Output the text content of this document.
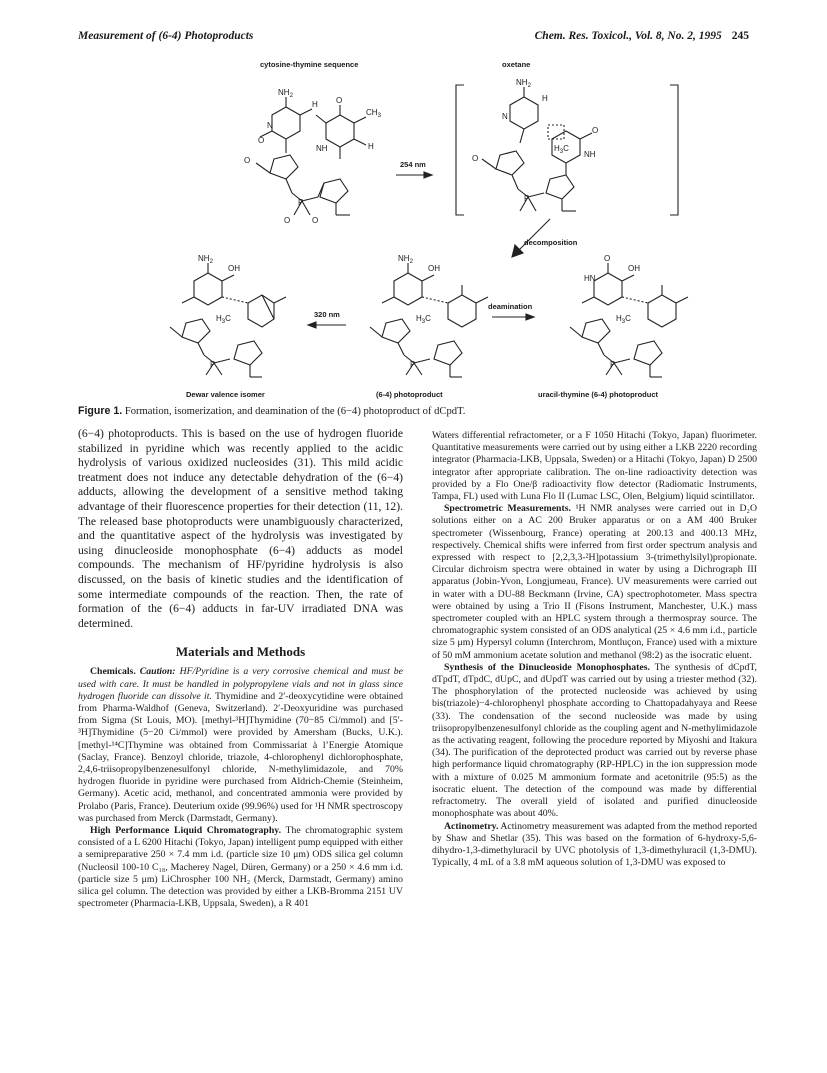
Measurement of (6-4) Photoproducts	Chem. Res. Toxicol., Vol. 8, No. 2, 1995 245
$NH_2$
O
N
H O
$CH_3$
H
NH
O
P
O	O
$NH_2$
H
N
$H_3C$
NH
O
O
P
$NH_2$
OH
$H_3C$
P
$NH_2$
OH
$H_3C$
P
O
HN
OH
$H_3C$
P
cytosine-thymine sequence	oxetane
254 nm
decomposition
320 nm
deamination
Dewar valence isomer	(6-4) photoproduct	uracil-thymine (6-4) photoproduct
Figure 1. Formation, isomerization, and deamination of the (6−4) photoproduct of dCpdT.

(6−4) photoproducts. This is based on the use of hydrogen fluoride stabilized in pyridine which was recently applied to the acidic hydrolysis of various oxidized nucleosides (31). This mild acidic treatment does not induce any detectable dehydration of the (6−4) adducts, allowing the development of a sensitive method taking advantage of their fluorescence properties for their detection (11, 12). The released base photoproducts were unambiguously characterized, and the quantitative aspect of the hydrolysis was investigated by using dinucleoside monophosphate (6−4) adducts as model compounds. The mechanism of HF/pyridine hydrolysis is also discussed, on the basis of kinetic studies and the identification of some intermediate compounds of the reaction. Then, the rate of formation of the (6−4) adducts in far-UV irradiated DNA was determined.

Materials and Methods

Chemicals. Caution: HF/Pyridine is a very corrosive chemical and must be used with care. It must be handled in polypropylene vials and not in glass since hydrogen fluoride can dissolve it. Thymidine and 2′-deoxycytidine were obtained from Pharma-Waldhof (Geneva, Switzerland). 2′-Deoxyuridine was purchased from Sigma (St Louis, MO). [methyl-³H]Thymidine (70−85 Ci/mmol) and [5′-³H]Thymidine (5−20 Ci/mmol) were provided by Amersham (Bucks, U.K.). [methyl-¹⁴C]Thymine was obtained from Commissariat à l’Energie Atomique (Saclay, France). Benzoyl chloride, triazole, 4-chlorophenyl dichlorophosphate, 2,4,6-triisopropylbenzenesulfonyl chloride, N-methylimidazole, and 70% hydrogen fluoride in pyridine were purchased from Aldrich-Chemie (Steinheim, Germany). Acetic acid, methanol, and concentrated ammonia were provided by Prolabo (Paris, France). Deuterium oxide (99.96%) used for ¹H NMR spectroscopy was purchased from Merck (Darmstadt, Germany).

High Performance Liquid Chromatography. The chromatographic system consisted of a L 6200 Hitachi (Tokyo, Japan) intelligent pump equipped with either a semipreparative 250 × 7.4 mm i.d. (particle size 10 μm) ODS silica gel column (Nucleosil 100-10 C₁₈, Macherey Nagel, Düren, Germany) or a 250 × 4.6 mm i.d. (particle size 5 μm) LiChrospher 100 NH₂ (Merck, Darmstadt, Germany) amino silica gel column. The detection was provided by either a LKB-Bromma 2151 UV spectrometer (Pharmacia-LKB, Uppsala, Sweden), a R 401

Waters differential refractometer, or a F 1050 Hitachi (Tokyo, Japan) fluorimeter. Quantitative measurements were carried out by using either a LKB 2220 recording integrator (Pharmacia-LKB, Uppsala, Sweden) or a Hitachi (Tokyo, Japan) D 2500 integrator after appropriate calibration. The on-line radioactivity detection was provided by a Flo One/β radioactivity flow detector (Radiomatic Instruments, Tampa, FL) used with Luna Flo II (Lumac LSC, Olen, Belgium) liquid scintillator.

Spectrometric Measurements. ¹H NMR analyses were carried out in D₂O solutions either on a AC 200 Bruker apparatus or on a AM 400 Bruker spectrometer (Wissenbourg, France) operating at 200.13 and 400.13 MHz, respectively. Chemical shifts were inferred from first order spectrum analysis and expressed with respect to [2,2,3,3-²H]potassium 3-(trimethylsilyl)propionate. Circular dichroism spectra were obtained in water by using a Dichrograph III apparatus (Jobin-Yvon, Longjumeau, France). UV measurements were carried out in water with a DU-88 Beckmann (Irvine, CA) spectrophotometer. Mass spectra were obtained by using a Trio II (Fisons Instrument, Manchester, U.K.) mass spectrometer coupled with an HPLC system through a thermospray source. The chromatographic system consisted of an ODS analytical (25 × 4.6 mm i.d., particle size 5 μm) Hypersyl column (Interchrom, Montluçon, France) used with a mixture of 50 mM ammonium acetate solution and methanol (98:2) as the isocratic eluent.

Synthesis of the Dinucleoside Monophosphates. The synthesis of dCpdT, dTpdT, dTpdC, dUpC, and dUpdT was carried out by using a triester method (32). The phosphorylation of the protected nucleoside was achieved by using bis(triazole)−4-chlorophenyl phosphate according to Chattopadahyaya and Reese (33). The condensation of the second nucleoside was made by using triisopropylbenzenesulfonyl chloride as the coupling agent and N-methylimidazole as the activating reagent, following the procedure reported by Miyoshi and Itakura (34). The purification of the deprotected product was carried out by reverse phase high performance liquid chromatography (RP-HPLC) in the ion suppression mode with a mixture of 0.025 M ammonium formate and acetonitrile (95:5) as the isocratic eluent. The detection of the compound was made by differential refractometry. The overall yield of isolated and purified dinucleoside monophosphate was about 40%.

Actinometry. Actinometry measurement was adapted from the method reported by Shaw and Shetlar (35). This was based on the formation of 6-hydroxy-5,6-dihydro-1,3-dimethyluracil by UVC photolysis of 1,3-dimethyluracil (1,3-DMU). Typically, 4 mL of a 3.8 mM aqueous solution of 1,3-DMU was exposed to
